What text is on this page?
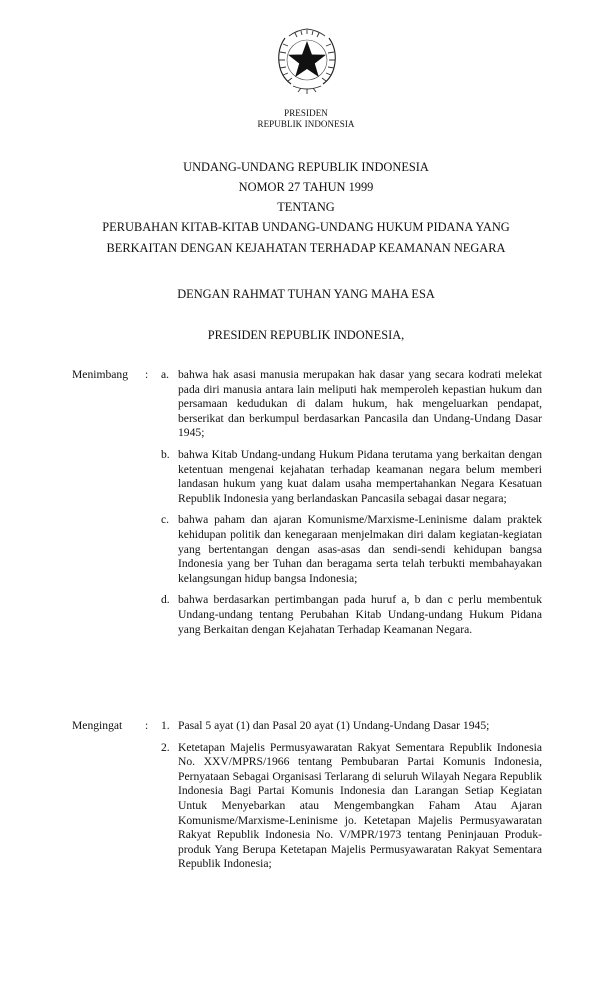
PRESIDEN
REPUBLIK INDONESIA
UNDANG-UNDANG REPUBLIK INDONESIA
NOMOR 27 TAHUN 1999
TENTANG
PERUBAHAN KITAB-KITAB UNDANG-UNDANG HUKUM PIDANA YANG
BERKAITAN DENGAN KEJAHATAN TERHADAP KEAMANAN NEGARA
DENGAN RAHMAT TUHAN YANG MAHA ESA
PRESIDEN REPUBLIK INDONESIA,
Menimbang : a. bahwa hak asasi manusia merupakan hak dasar yang secara kodrati melekat pada diri manusia antara lain meliputi hak memperoleh kepastian hukum dan persamaan kedudukan di dalam hukum, hak mengeluarkan pendapat, berserikat dan berkumpul berdasarkan Pancasila dan Undang-Undang Dasar 1945;
b. bahwa Kitab Undang-undang Hukum Pidana terutama yang berkaitan dengan ketentuan mengenai kejahatan terhadap keamanan negara belum memberi landasan hukum yang kuat dalam usaha mempertahankan Negara Kesatuan Republik Indonesia yang berlandaskan Pancasila sebagai dasar negara;
c. bahwa paham dan ajaran Komunisme/Marxisme-Leninisme dalam praktek kehidupan politik dan kenegaraan menjelmakan diri dalam kegiatan-kegiatan yang bertentangan dengan asas-asas dan sendi-sendi kehidupan bangsa Indonesia yang ber Tuhan dan beragama serta telah terbukti membahayakan kelangsungan hidup bangsa Indonesia;
d. bahwa berdasarkan pertimbangan pada huruf a, b dan c perlu membentuk Undang-undang tentang Perubahan Kitab Undang-undang Hukum Pidana yang Berkaitan dengan Kejahatan Terhadap Keamanan Negara.
Mengingat : 1. Pasal 5 ayat (1) dan Pasal 20 ayat (1) Undang-Undang Dasar 1945;
2. Ketetapan Majelis Permusyawaratan Rakyat Sementara Republik Indonesia No. XXV/MPRS/1966 tentang Pembubaran Partai Komunis Indonesia, Pernyataan Sebagai Organisasi Terlarang di seluruh Wilayah Negara Republik Indonesia Bagi Partai Komunis Indonesia dan Larangan Setiap Kegiatan Untuk Menyebarkan atau Mengembangkan Faham Atau Ajaran Komunisme/Marxisme-Leninisme jo. Ketetapan Majelis Permusyawaratan Rakyat Republik Indonesia No. V/MPR/1973 tentang Peninjauan Produk-produk Yang Berupa Ketetapan Majelis Permusyawaratan Rakyat Sementara Republik Indonesia;
